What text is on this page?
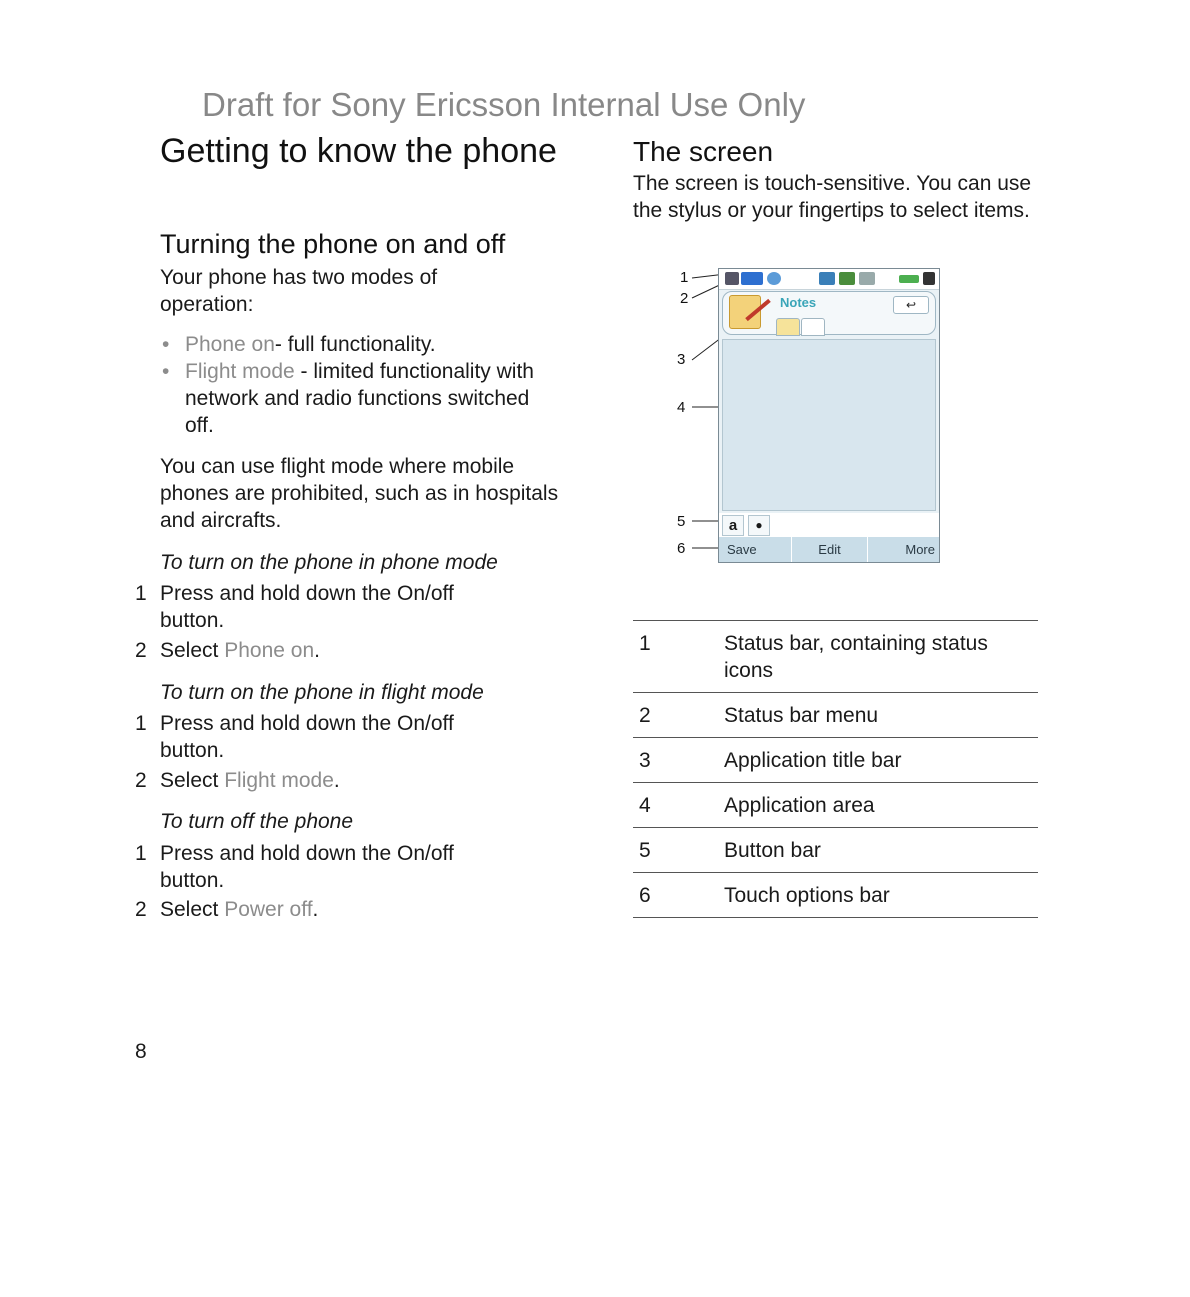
Draft for Sony Ericsson Internal Use Only
Getting to know the phone
Turning the phone on and off
Your phone has two modes of operation:
• Phone on- full functionality.
• Flight mode - limited functionality with network and radio functions switched off.
You can use flight mode where mobile phones are prohibited, such as in hospitals and aircrafts.
To turn on the phone in phone mode
1 Press and hold down the On/off button.
2 Select Phone on.
To turn on the phone in flight mode
1 Press and hold down the On/off button.
2 Select Flight mode.
To turn off the phone
1 Press and hold down the On/off button.
2 Select Power off.
The screen
The screen is touch-sensitive. You can use the stylus or your fingertips to select items.
1
2
3
4
5
6
Notes	↩
a	●
Save	Edit	More
1	Status bar, containing status icons
2	Status bar menu
3	Application title bar
4	Application area
5	Button bar
6	Touch options bar
8
